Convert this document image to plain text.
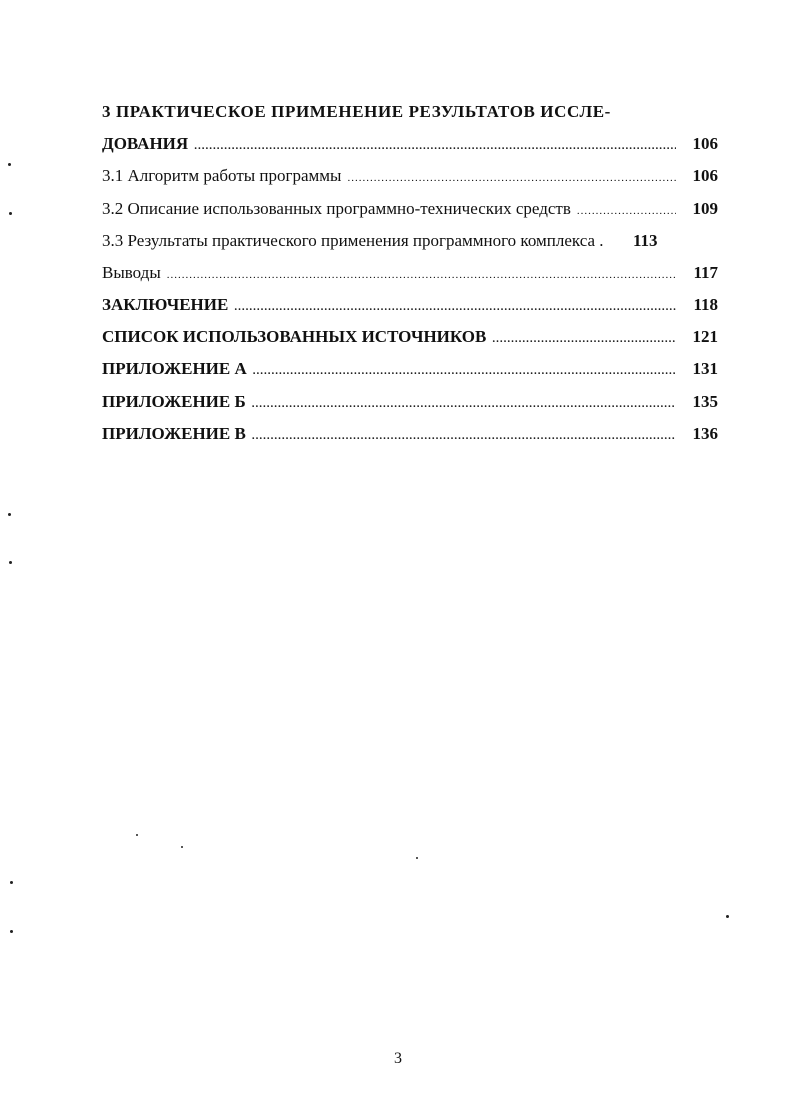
3 ПРАКТИЧЕСКОЕ ПРИМЕНЕНИЕ РЕЗУЛЬТАТОВ ИССЛЕ-
ДОВАНИЯ .....	106
3.1 Алгоритм работы программы .....	106
3.2 Описание использованных программно-технических средств .....	109
3.3 Результаты практического применения программного комплекса .	113
Выводы .....	117
ЗАКЛЮЧЕНИЕ .....	118
СПИСОК ИСПОЛЬЗОВАННЫХ ИСТОЧНИКОВ .....	121
ПРИЛОЖЕНИЕ А .....	131
ПРИЛОЖЕНИЕ Б .....	135
ПРИЛОЖЕНИЕ В .....	136
3
